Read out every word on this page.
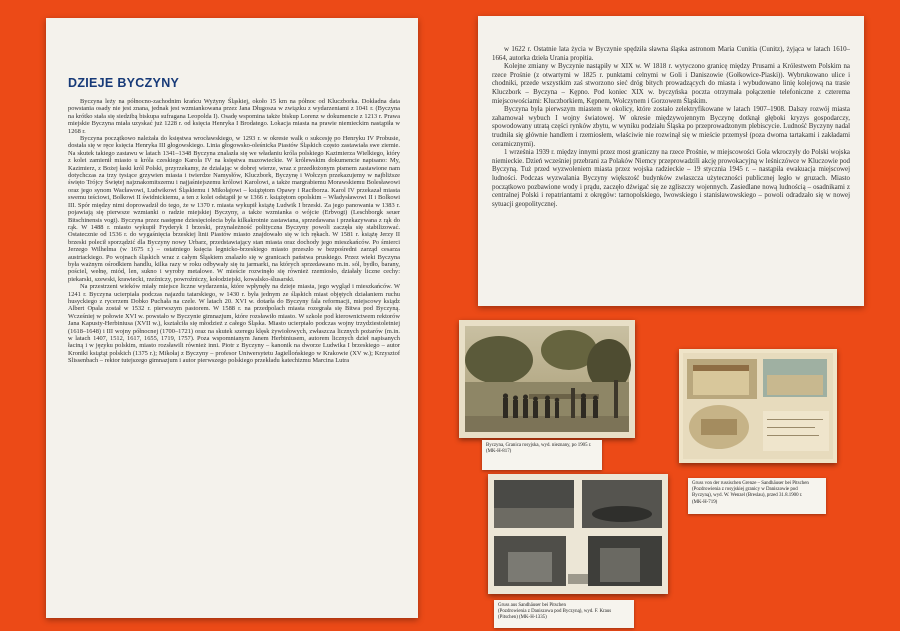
DZIEJE BYCZYNY

Byczyna leży na północno-zachodnim krańcu Wyżyny Śląskiej, około 15 km na północ od Kluczborka. Dokładna data powstania osady nie jest znana, jednak jest wzmiankowana przez Jana Długosza w związku z wydarzeniami z 1041 r. (Byczyna na krótko stała się siedzibą biskupa sufragana Leopolda I). Osadę wspomina także biskup Lorenz w dokumencie z 1213 r. Prawa miejskie Byczyna miała uzyskać już 1228 r. od księcia Henryka I Brodatego. Lokacja miasta na prawie niemieckim nastąpiła w 1268 r.

Byczyna początkowo należała do księstwa wrocławskiego, w 1293 r. w okresie walk o sukcesję po Henryku IV Probusie, dostała się w ręce księcia Henryka III głogowskiego. Linia głogowsko-oleśnicka Piastów Śląskich często zastawiała swe ziemie. Na skutek takiego zastawu w latach 1341–1348 Byczyna znalazła się we władaniu króla polskiego Kazimierza Wielkiego, który z kolei zamienił miasto u króla czeskiego Karola IV na księstwa mazowieckie. W królewskim dokumencie napisano: My, Kazimierz, z Bożej łaski król Polski, przyrzekamy, że dzialając w dobrej wierze, wraz z przedłożonym pismem zastawione nam dotychczas za trzy tysiące grzywien miasta i twierdze Namysłów, Kluczbork, Byczynę i Wołczyn przekazujemy w najbliższe święto Trójcy Świętej najznakomitszemu i najjaśniejszemu królowi Karolowi, a także margrabiemu Morawskiemu Bolesławowi oraz jego synom Wacławowi, Ludwikowi Śląskiemu i Mikołajowi – książętom Opawy i Raciborza. Karol IV przekazał miasta swemu teściowi, Bolkowi II świdnickiemu, a ten z kolei odstąpił je w 1366 r. książętom opolskim – Władysławowi II i Bolkowi III. Spór między nimi doprowadził do tego, że w 1370 r. miasta wykupił książę Ludwik I brzeski. Za jego panowania w 1383 r. pojawiają się pierwsze wzmianki o radzie miejskiej Byczyny, a także wzmianka o wójcie (Erbvogt) (Leschborgk seuer Bitschinensis vogt). Byczyna przez następne dziesięciolecia była kilkakrotnie zastawiana, sprzedawana i przekazywana z rąk do rąk. W 1488 r. miasto wykupił Fryderyk I brzeski, przynależność polityczna Byczyny powoli zaczęła się stabilizować. Ostatecznie od 1536 r. do wygaśnięcia brzeskiej linii Piastów miasto znajdowało się w ich rękach. W 1581 r. książę Jerzy II brzeski polecił sporządzić dla Byczyny nowy Urbarz, przedstawiający stan miasta oraz dochody jego mieszkańców. Po śmierci Jerzego Wilhelma (w 1675 r.) – ostatniego księcia legnicko-brzeskiego miasto przeszło w bezpośredni zarząd cesarza austriackiego. Po wojnach śląskich wraz z całym Śląskiem znalazło się w granicach państwa pruskiego. Przez wieki Byczyna była ważnym ośrodkiem handlu, kilka razy w roku odbywały się tu jarmarki, na których sprzedawano m.in. sól, bydło, barany, pościel, wełnę, miód, len, sukno i wyroby metalowe. W mieście rozwinęło się również rzemiosło, działały liczne cechy: piekarski, szewski, krawiecki, rzeźniczy, powroźniczy, kołodziejski, kowalsko-ślusarski.

Na przestrzeni wieków miały miejsce liczne wydarzenia, które wpłynęły na dzieje miasta, jego wygląd i mieszkańców. W 1241 r. Byczyna ucierpiała podczas najazdu tatarskiego, w 1430 r. była jednym ze śląskich miast objętych działaniem ruchu husyckiego z rycerzem Dobko Puchała na czele. W latach 20. XVI w. dotarła do Byczyny fala reformacji, miejscowy ksiądz Albert Opala został w 1532 r. pierwszym pastorem. W 1588 r. na przedpolach miasta rozegrała się Bitwa pod Byczyną. Wcześniej w połowie XVI w. powstało w Byczynie gimnazjum, które rozsławiło miasto. W szkole pod kierownictwem rektorów Jana Kapusty-Herbiniusa (XVII w.), kształciła się młodzież z całego Śląska. Miasto ucierpiało podczas wojny trzydziestoletniej (1618–1648) i III wojny północnej (1700–1721) oraz na skutek szeregu klęsk żywiołowych, zwłaszcza licznych pożarów (m.in. w latach 1407, 1512, 1617, 1655, 1719, 1757). Poza wspomnianym Janem Herbiniusem, autorem licznych dzieł napisanych łaciną i w języku polskim, miasto rozsławili również inni. Piotr z Byczyny – kanonik na dworze Ludwika I brzeskiego – autor Kroniki książąt polskich (1375 r.); Mikołaj z Byczyny – profesor Uniwersytetu Jagiellońskiego w Krakowie (XV w.); Krzysztof Slissenbach – rektor tutejszego gimnazjum i autor pierwszego polskiego przekładu katechizmu Marcina Lutra

w 1622 r. Ostatnie lata życia w Byczynie spędziła sławna śląska astronom Maria Cunitia (Cunitz), żyjąca w latach 1610–1664, autorka dzieła Urania propitia.

Kolejne zmiany w Byczynie nastąpiły w XIX w. W 1818 r. wytyczono granicę między Prusami a Królestwem Polskim na rzece Prośnie (z otwartymi w 1825 r. punktami celnymi w Goli i Daniszowie (Gołkowice-Piaski)). Wybrukowano ulice i chodniki, przede wszystkim zaś stworzono sieć dróg bitych prowadzących do miasta i wybudowano linię kolejową na trasie Kluczbork – Byczyna – Kępno. Pod koniec XIX w. byczyńska poczta otrzymała połączenie telefoniczne z czterema miejscowościami: Kluczborkiem, Kępnem, Wołczynem i Gorzowem Śląskim.

Byczyna była pierwszym miastem w okolicy, które zostało zelektryfikowane w latach 1907–1908. Dalszy rozwój miasta zahamował wybuch I wojny światowej. W okresie międzywojennym Byczynę dotknął głęboki kryzys gospodarczy, spowodowany utratą części rynków zbytu, w wyniku podziału Śląska po przeprowadzonym plebiscycie. Ludność Byczyny nadal trudniła się głównie handlem i rzemiosłem, właściwie nie rozwinął się w mieście przemysł (poza dwoma tartakami i zakładami ceramicznymi).

1 września 1939 r. między innymi przez most graniczny na rzece Prośnie, w miejscowości Gola wkroczyły do Polski wojska niemieckie. Dzień wcześniej przebrani za Polaków Niemcy przeprowadzili akcję prowokacyjną w leśniczówce w Kluczowie pod Byczyną. Tuż przed wyzwoleniem miasta przez wojska radzieckie – 19 stycznia 1945 r. – nastąpiła ewakuacja miejscowej ludności. Podczas wyzwalania Byczyny większość budynków zwłaszcza użyteczności publicznej legło w gruzach. Miasto początkowo pozbawione wody i prądu, zaczęło dźwigać się ze zgliszczy wojennych. Zasiedlane nową ludnością – osadnikami z centralnej Polski i repatriantami z okręgów: tarnopolskiego, lwowskiego i stanisławowskiego – powoli odradzało się w nowej sytuacji geopolitycznej.

Byczyna, Granica rosyjska, wyd. nieznany, po 1905 r.
(MK-H-817)
Gruss aus Sandhäuser bei Pitschen
(Pozdrowienia z Daniszowa pod Byczyną), wyd. F. Kraus
(Pitschen) (MK-H-1335)
Gruss von der russischen Grenze – Sandhäuser bei Pitschen
(Pozdrowienia z rosyjskiej granicy w Daniszowie pod
Byczyną), wyd. W. Wenzel (Breslau), przed 31.8.1900 r.
(MK-H-719)
